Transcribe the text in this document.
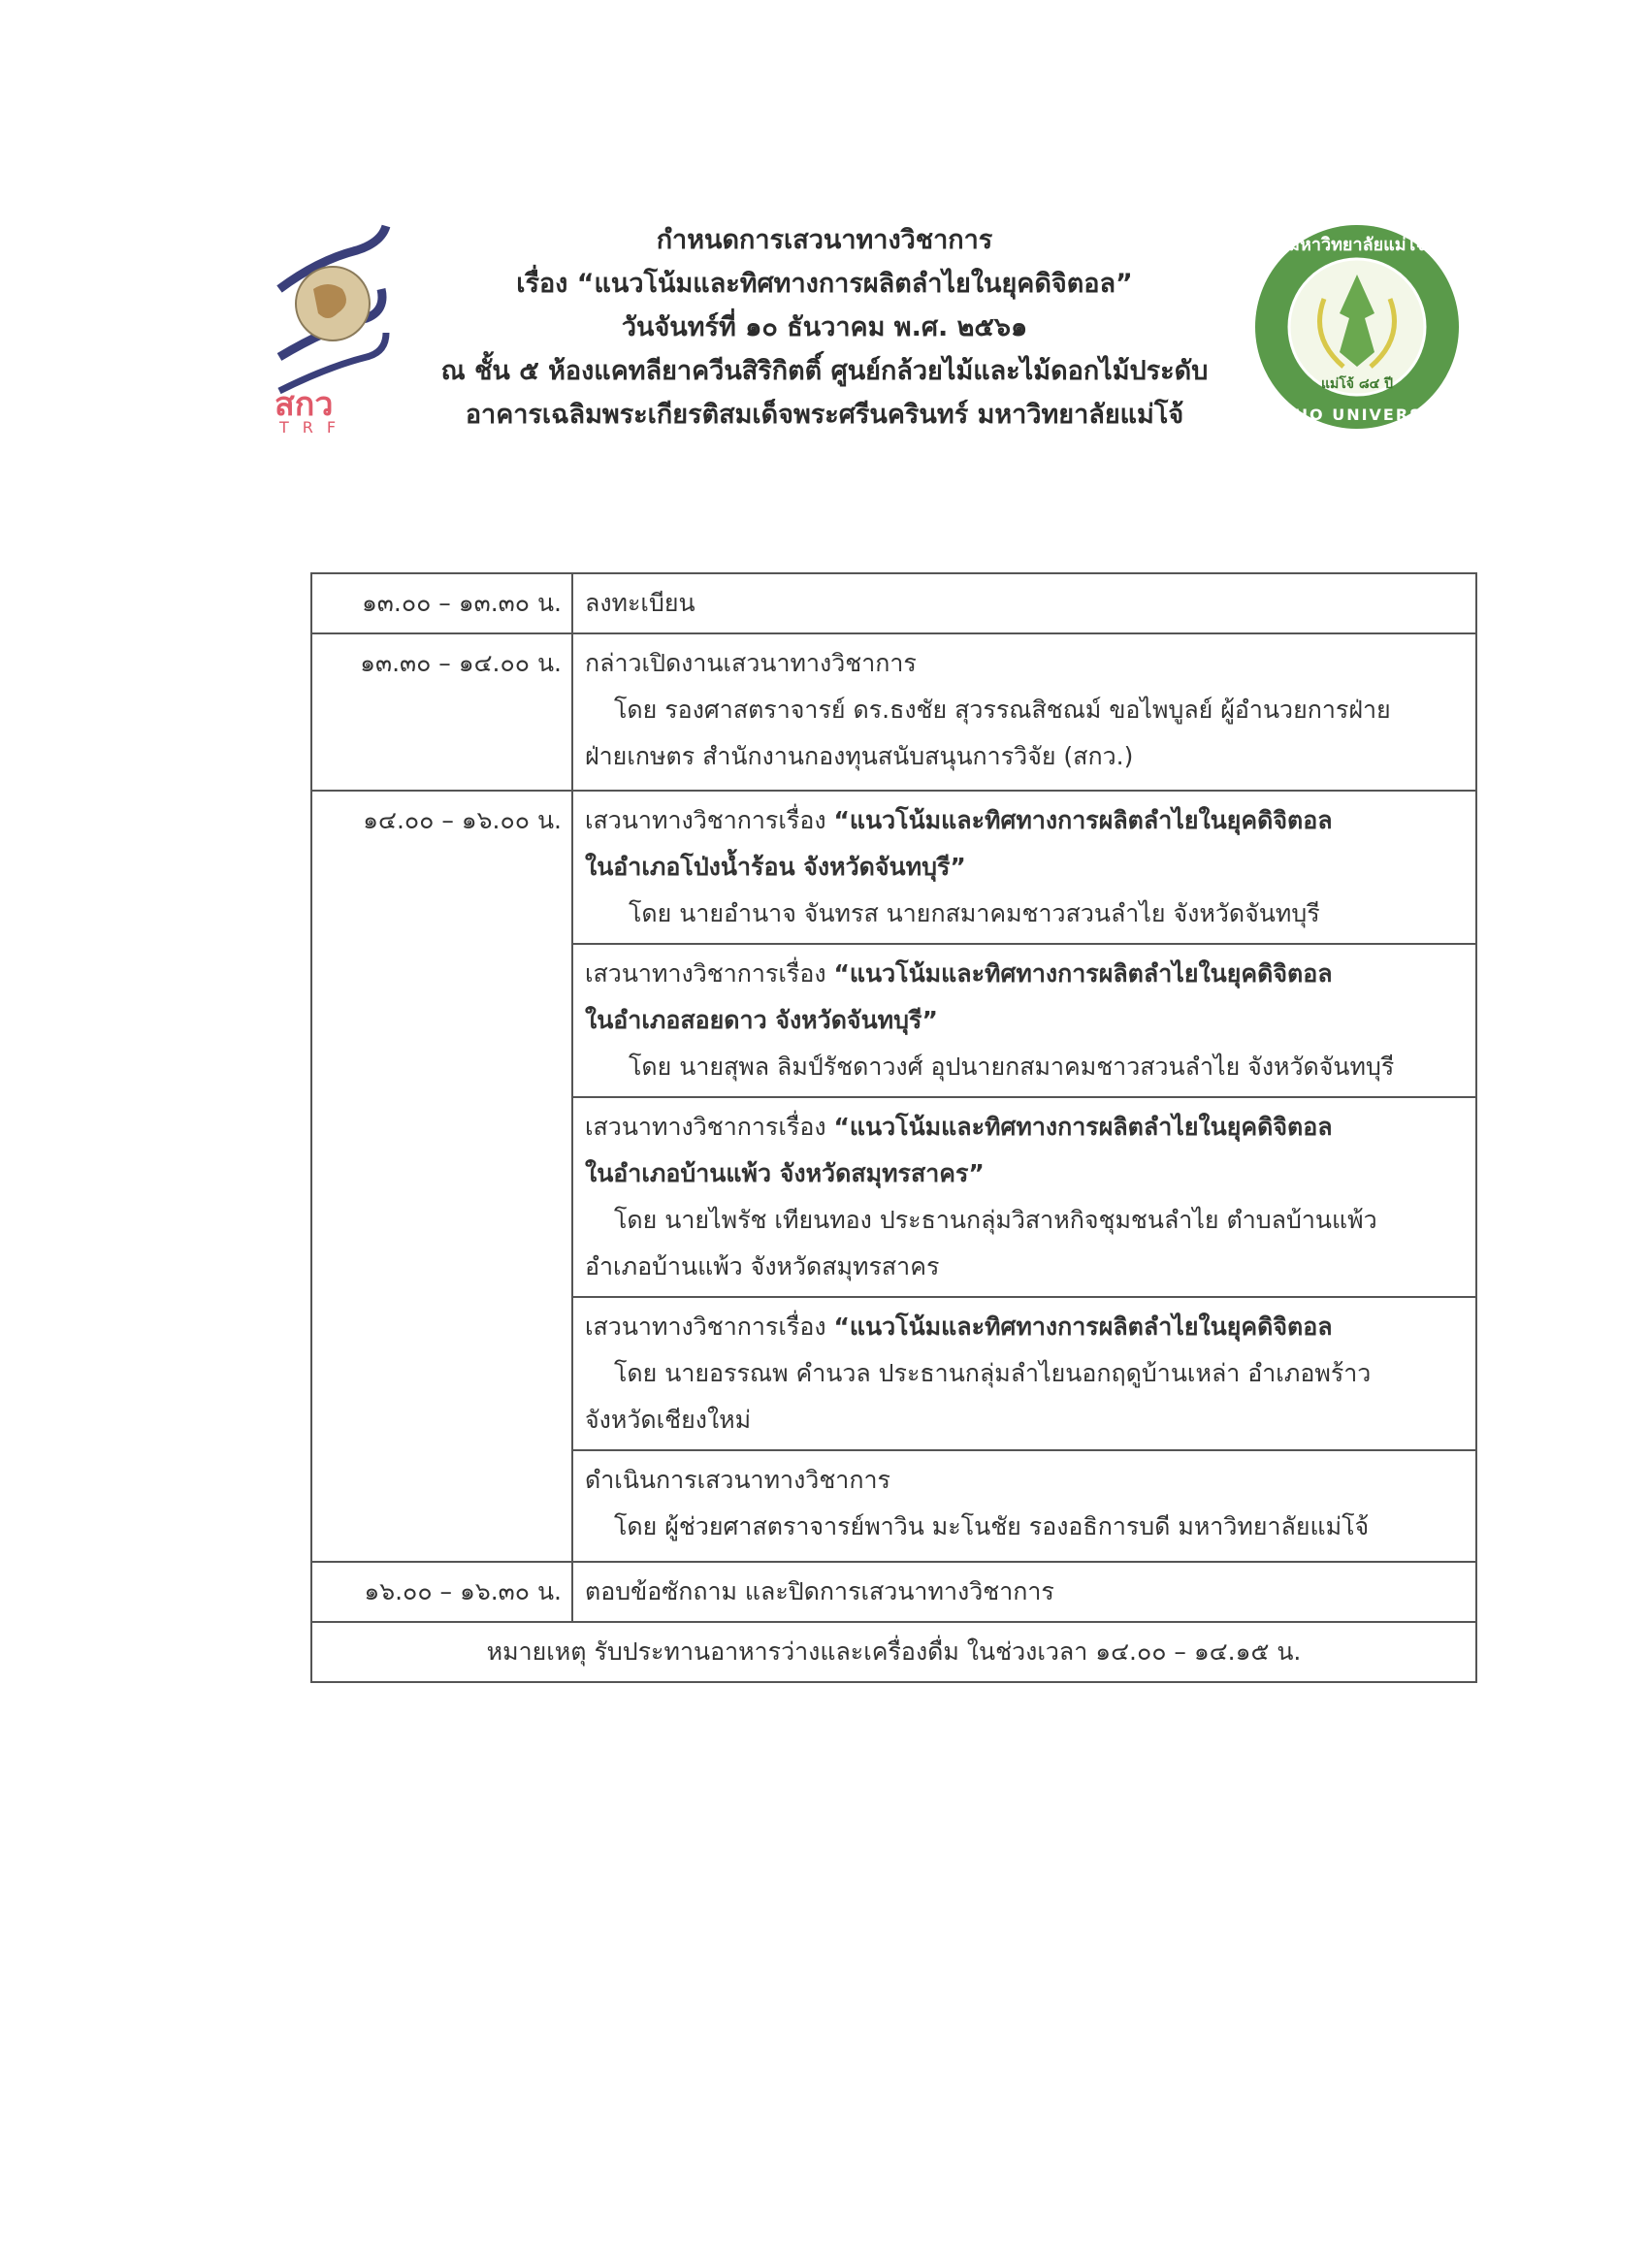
สกว
TRF
แม่โจ้ ๘๔ ปี
มหาวิทยาลัยแม่โจ้
MAEJO UNIVERSITY
กำหนดการเสวนาทางวิชาการ
เรื่อง “แนวโน้มและทิศทางการผลิตลำไยในยุคดิจิตอล”
วันจันทร์ที่ ๑๐ ธันวาคม พ.ศ. ๒๕๖๑
ณ ชั้น ๕ ห้องแคทลียาควีนสิริกิตติ์ ศูนย์กล้วยไม้และไม้ดอกไม้ประดับ
อาคารเฉลิมพระเกียรติสมเด็จพระศรีนครินทร์ มหาวิทยาลัยแม่โจ้
๑๓.๐๐ – ๑๓.๓๐ น.	ลงทะเบียน
๑๓.๓๐ – ๑๔.๐๐ น.	กล่าวเปิดงานเสวนาทางวิชาการ
โดย รองศาสตราจารย์ ดร.ธงชัย สุวรรณสิชณม์ ขอไพบูลย์ ผู้อำนวยการฝ่าย
ฝ่ายเกษตร สำนักงานกองทุนสนับสนุนการวิจัย (สกว.)

๑๔.๐๐ – ๑๖.๐๐ น.	เสวนาทางวิชาการเรื่อง “แนวโน้มและทิศทางการผลิตลำไยในยุคดิจิตอล
ในอำเภอโป่งน้ำร้อน จังหวัดจันทบุรี”
โดย นายอำนาจ จันทรส นายกสมาคมชาวสวนลำไย จังหวัดจันทบุรี

	เสวนาทางวิชาการเรื่อง “แนวโน้มและทิศทางการผลิตลำไยในยุคดิจิตอล
ในอำเภอสอยดาว จังหวัดจันทบุรี”
โดย นายสุพล ลิมป์รัชดาวงศ์ อุปนายกสมาคมชาวสวนลำไย จังหวัดจันทบุรี

	เสวนาทางวิชาการเรื่อง “แนวโน้มและทิศทางการผลิตลำไยในยุคดิจิตอล
ในอำเภอบ้านแพ้ว จังหวัดสมุทรสาคร”
โดย นายไพรัช เทียนทอง ประธานกลุ่มวิสาหกิจชุมชนลำไย ตำบลบ้านแพ้ว
อำเภอบ้านแพ้ว จังหวัดสมุทรสาคร

	เสวนาทางวิชาการเรื่อง “แนวโน้มและทิศทางการผลิตลำไยในยุคดิจิตอล
โดย นายอรรณพ คำนวล ประธานกลุ่มลำไยนอกฤดูบ้านเหล่า อำเภอพร้าว
จังหวัดเชียงใหม่

	ดำเนินการเสวนาทางวิชาการ
โดย ผู้ช่วยศาสตราจารย์พาวิน มะโนชัย รองอธิการบดี มหาวิทยาลัยแม่โจ้

๑๖.๐๐ – ๑๖.๓๐ น.	ตอบข้อซักถาม และปิดการเสวนาทางวิชาการ
หมายเหตุ รับประทานอาหารว่างและเครื่องดื่ม ในช่วงเวลา ๑๔.๐๐ – ๑๔.๑๕ น.	
